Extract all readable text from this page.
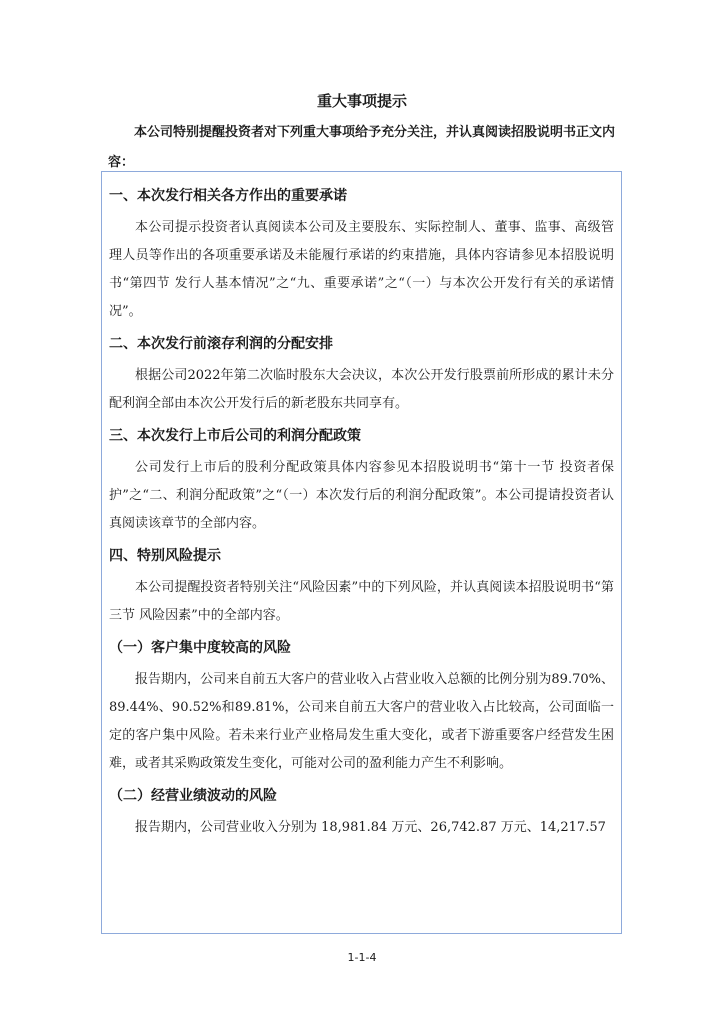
重大事项提示

本公司特别提醒投资者对下列重大事项给予充分关注，并认真阅读招股说明书正文内容：

一、本次发行相关各方作出的重要承诺

本公司提示投资者认真阅读本公司及主要股东、实际控制人、董事、监事、高级管理人员等作出的各项重要承诺及未能履行承诺的约束措施，具体内容请参见本招股说明书“第四节 发行人基本情况”之“九、重要承诺”之“（一）与本次公开发行有关的承诺情况”。

二、本次发行前滚存利润的分配安排

根据公司2022年第二次临时股东大会决议，本次公开发行股票前所形成的累计未分配利润全部由本次公开发行后的新老股东共同享有。

三、本次发行上市后公司的利润分配政策

公司发行上市后的股利分配政策具体内容参见本招股说明书“第十一节 投资者保护”之“二、利润分配政策”之“（一）本次发行后的利润分配政策”。本公司提请投资者认真阅读该章节的全部内容。

四、特别风险提示

本公司提醒投资者特别关注“风险因素”中的下列风险，并认真阅读本招股说明书“第三节 风险因素”中的全部内容。

（一）客户集中度较高的风险

报告期内，公司来自前五大客户的营业收入占营业收入总额的比例分别为89.70%、89.44%、90.52%和89.81%，公司来自前五大客户的营业收入占比较高，公司面临一定的客户集中风险。若未来行业产业格局发生重大变化，或者下游重要客户经营发生困难，或者其采购政策发生变化，可能对公司的盈利能力产生不利影响。

（二）经营业绩波动的风险

报告期内，公司营业收入分别为 18,981.84 万元、26,742.87 万元、14,217.57

1-1-4
